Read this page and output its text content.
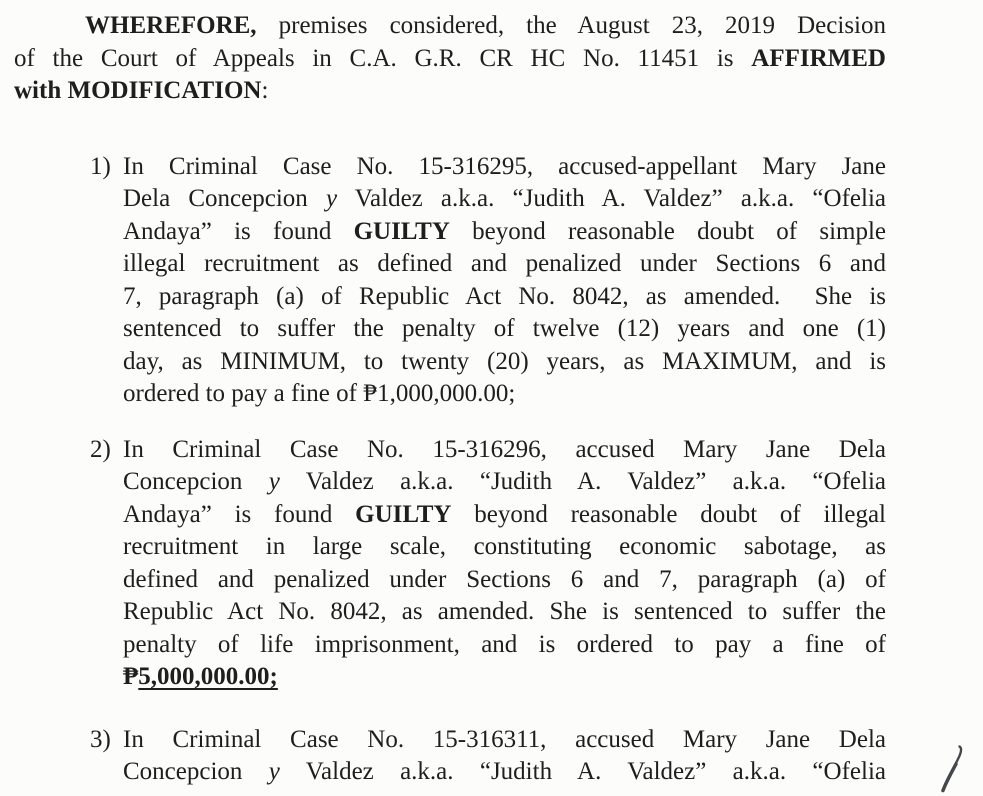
WHEREFORE, premises considered, the August 23, 2019 Decision
of the Court of Appeals in C.A. G.R. CR HC No. 11451 is AFFIRMED
with MODIFICATION:
1) In Criminal Case No. 15-316295, accused-appellant Mary Jane
Dela Concepcion y Valdez a.k.a. “Judith A. Valdez” a.k.a. “Ofelia
Andaya” is found GUILTY beyond reasonable doubt of simple
illegal recruitment as defined and penalized under Sections 6 and
7, paragraph (a) of Republic Act No. 8042, as amended.  She is
sentenced to suffer the penalty of twelve (12) years and one (1)
day, as MINIMUM, to twenty (20) years, as MAXIMUM, and is
ordered to pay a fine of ₱1,000,000.00;
2) In Criminal Case No. 15-316296, accused Mary Jane Dela
Concepcion y Valdez a.k.a. “Judith A. Valdez” a.k.a. “Ofelia
Andaya” is found GUILTY beyond reasonable doubt of illegal
recruitment in large scale, constituting economic sabotage, as
defined and penalized under Sections 6 and 7, paragraph (a) of
Republic Act No. 8042, as amended. She is sentenced to suffer the
penalty of life imprisonment, and is ordered to pay a fine of
₱5,000,000.00;
3) In Criminal Case No. 15-316311, accused Mary Jane Dela
Concepcion y Valdez a.k.a. “Judith A. Valdez” a.k.a. “Ofelia
